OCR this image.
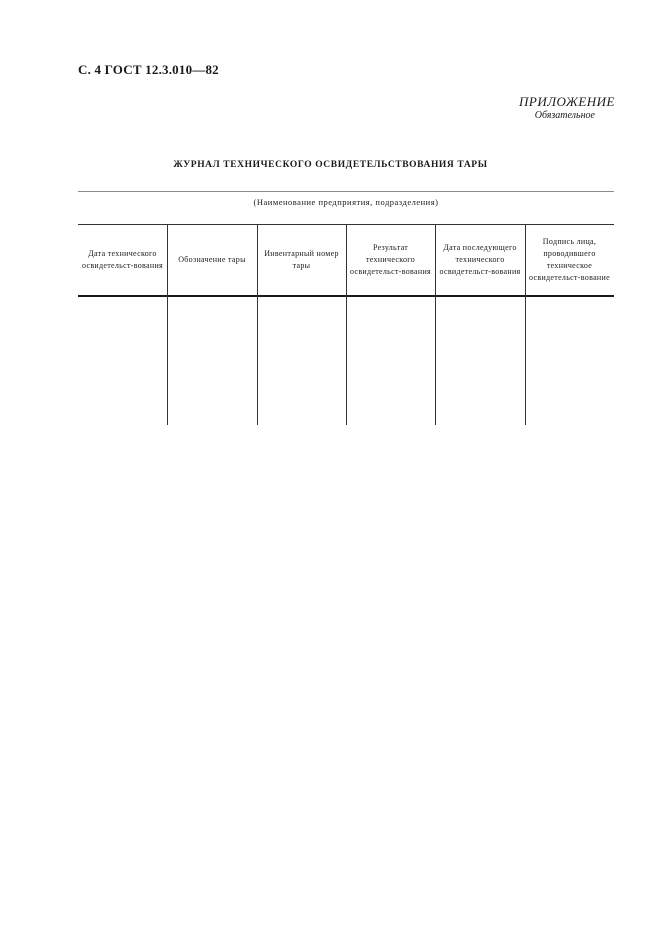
С. 4 ГОСТ 12.3.010—82
ПРИЛОЖЕНИЕ
Обязательное
ЖУРНАЛ ТЕХНИЧЕСКОГО ОСВИДЕТЕЛЬСТВОВАНИЯ ТАРЫ
(Наименование предприятия, подразделения)
Дата технического освидетельст-вования
Обозначение тары
Инвентарный номер тары
Результат технического освидетельст-вования
Дата последующего технического освидетельст-вования
Подпись лица, проводившего техническое освидетельст-вование
